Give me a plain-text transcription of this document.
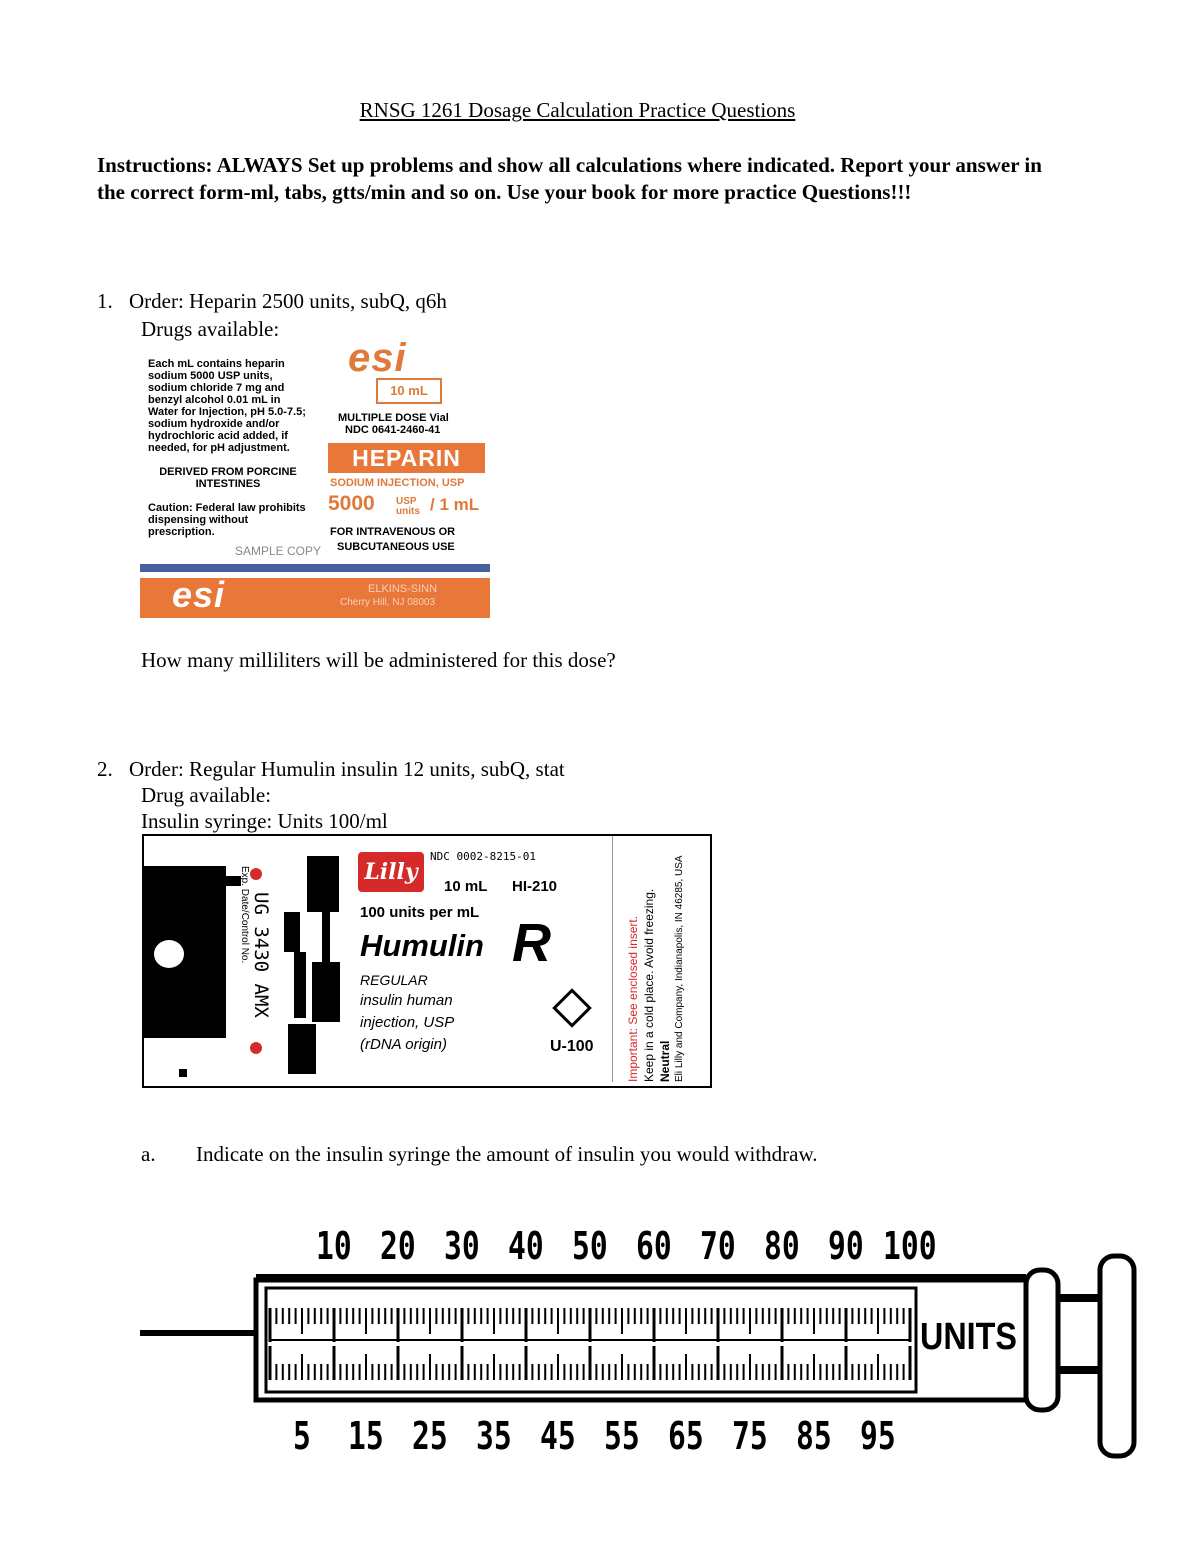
RNSG 1261 Dosage Calculation Practice Questions
Instructions: ALWAYS Set up problems and show all calculations where indicated. Report your answer in the correct form-ml, tabs, gtts/min and so on. Use your book for more practice Questions!!!
1. Order: Heparin 2500 units, subQ, q6h
Drugs available:
Each mL contains heparin sodium 5000 USP units, sodium chloride 7 mg and benzyl alcohol 0.01 mL in Water for Injection, pH 5.0-7.5; sodium hydroxide and/or hydrochloric acid added, if needed, for pH adjustment.
DERIVED FROM PORCINE INTESTINES
Caution: Federal law prohibits dispensing without prescription.
SAMPLE COPY
esi
10 mL
MULTIPLE DOSE Vial
NDC 0641-2460-41
HEPARIN
SODIUM INJECTION, USP
5000 USP units / 1 mL
FOR INTRAVENOUS OR
SUBCUTANEOUS USE
esi	ELKINS-SINN
Cherry Hill, NJ 08003
How many milliliters will be administered for this dose?
2. Order: Regular Humulin insulin 12 units, subQ, stat
Drug available:
Insulin syringe: Units 100/ml
Exp. Date/Control No. UG 3430 AMX
Lilly
NDC 0002-8215-01
10 mL HI-210
100 units per mL
Humulin R
REGULAR
insulin human
injection, USP
(rDNA origin)	U-100	Important: See enclosed insert. Keep in a cold place. Avoid freezing. Neutral Eli Lilly and Company, Indianapolis, IN 46285, USA
a. Indicate on the insulin syringe the amount of insulin you would withdraw.
10 20 30 40 50 60 70 80 90 100
5 15 25 35 45 55 65 75 85 95
UNITS
